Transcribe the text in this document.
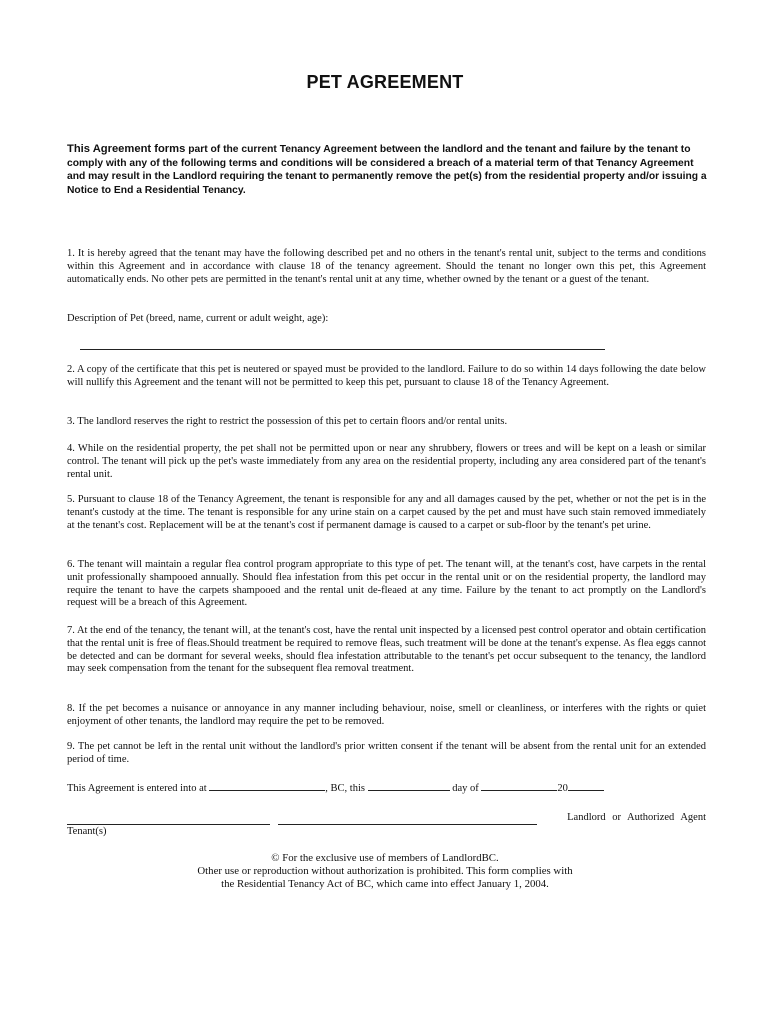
PET AGREEMENT
This Agreement forms part of the current Tenancy Agreement between the landlord and the tenant and failure by the tenant to comply with any of the following terms and conditions will be considered a breach of a material term of that Tenancy Agreement and may result in the Landlord requiring the tenant to permanently remove the pet(s) from the residential property and/or issuing a Notice to End a Residential Tenancy.

1. It is hereby agreed that the tenant may have the following described pet and no others in the tenant's rental unit, subject to the terms and conditions within this Agreement and in accordance with clause 18 of the tenancy agreement. Should the tenant no longer own this pet, this Agreement automatically ends. No other pets are permitted in the tenant's rental unit at any time, whether owned by the tenant or a guest of the tenant.

Description of Pet (breed, name, current or adult weight, age):

2. A copy of the certificate that this pet is neutered or spayed must be provided to the landlord. Failure to do so within 14 days following the date below will nullify this Agreement and the tenant will not be permitted to keep this pet, pursuant to clause 18 of the Tenancy Agreement.

3. The landlord reserves the right to restrict the possession of this pet to certain floors and/or rental units.

4. While on the residential property, the pet shall not be permitted upon or near any shrubbery, flowers or trees and will be kept on a leash or similar control. The tenant will pick up the pet's waste immediately from any area on the residential property, including any area considered part of the tenant's rental unit.

5. Pursuant to clause 18 of the Tenancy Agreement, the tenant is responsible for any and all damages caused by the pet, whether or not the pet is in the tenant's custody at the time. The tenant is responsible for any urine stain on a carpet caused by the pet and must have such stain removed immediately at the tenant's cost. Replacement will be at the tenant's cost if permanent damage is caused to a carpet or sub-floor by the tenant's pet urine.

6. The tenant will maintain a regular flea control program appropriate to this type of pet. The tenant will, at the tenant's cost, have carpets in the rental unit professionally shampooed annually. Should flea infestation from this pet occur in the rental unit or on the residential property, the landlord may require the tenant to have the carpets shampooed and the rental unit de-fleaed at any time. Failure by the tenant to act promptly on the Landlord's request will be a breach of this Agreement.

7. At the end of the tenancy, the tenant will, at the tenant's cost, have the rental unit inspected by a licensed pest control operator and obtain certification that the rental unit is free of fleas.Should treatment be required to remove fleas, such treatment will be done at the tenant's expense. As flea eggs cannot be detected and can be dormant for several weeks, should flea infestation attributable to the tenant's pet occur subsequent to the tenancy, the landlord may seek compensation from the tenant for the subsequent flea removal treatment.

8. If the pet becomes a nuisance or annoyance in any manner including behaviour, noise, smell or cleanliness, or interferes with the rights or quiet enjoyment of other tenants, the landlord may require the pet to be removed.

9. The pet cannot be left in the rental unit without the landlord's prior written consent if the tenant will be absent from the rental unit for an extended period of time.

This Agreement is entered into at	, BC, this	day of	20
Landlord or Authorized Agent
Tenant(s)
© For the exclusive use of members of LandlordBC.
Other use or reproduction without authorization is prohibited. This form complies with
the Residential Tenancy Act of BC, which came into effect January 1, 2004.
